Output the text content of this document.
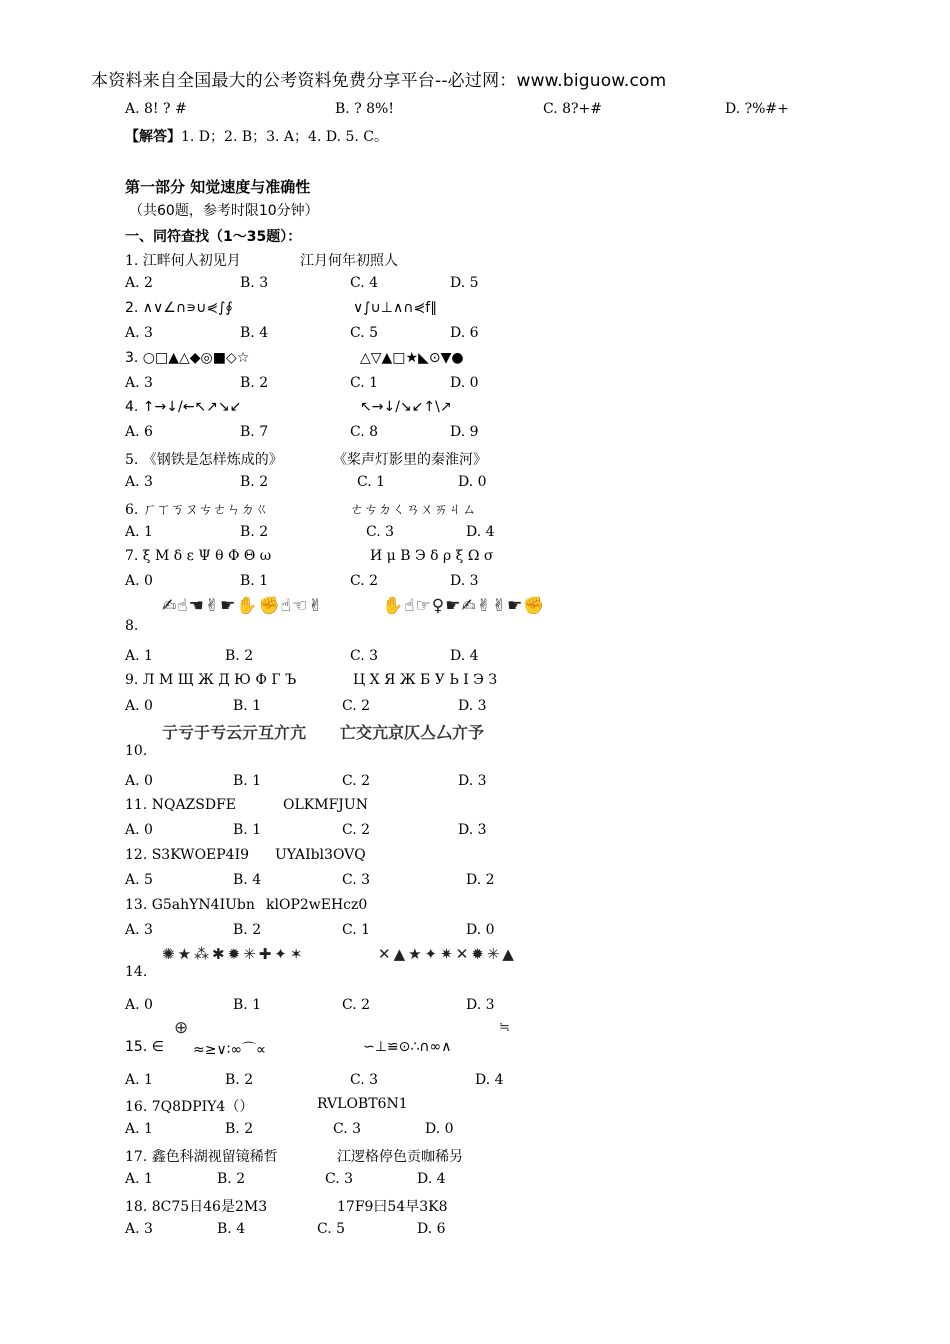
本资料来自全国最大的公考资料免费分享平台--必过网：www.biguow.com
A. 8! ? #	B. ? 8%!	C. 8?+#	D. ?%#+
【解答】1. D；2. B；3. A；4. D. 5. C。
第一部分 知觉速度与准确性
（共60题，参考时限10分钟）
一、同符查找（1～35题）：
1. 江畔何人初见月	江月何年初照人
A. 2	B. 3	C. 4	D. 5
2. ∧∨∠∩∍∪⋞∫∮	∨∫∪⊥∧∩⋞f∥
A. 3	B. 4	C. 5	D. 6
3. ○□▲△◆◎■◇☆	△▽▲□★◣⊙▼●
A. 3	B. 2	C. 1	D. 0
4. ↑→↓/←↖↗↘↙	↖→↓/↘↙↑\↗
A. 6	B. 7	C. 8	D. 9
5. 《钢铁是怎样炼成的》	《桨声灯影里的秦淮河》
A. 3	B. 2	C. 1	D. 0
6. ㄏㄒㄎㄡㄘㄜㄣㄉㄍ	ㄜㄘㄉㄑㄢㄨㄞㄐㄙ
A. 1	B. 2	C. 3	D. 4
7. ξ Μ δ ε Ψ θ Φ Θ ω	И μ Β Э δ ρ ξ Ω σ
A. 0	B. 1	C. 2	D. 3
✍☝☚✌☛✋✊☝☜✌	✋☝☞♀☛✍✌✌☛✊
8.
A. 1	B. 2	C. 3	D. 4
9. Л М Щ Ж Д Ю Ф Г Ъ	Ц Х Я Ж Б У Ь Ⅰ Э З
A. 0	B. 1	C. 2	D. 3
亍亏于亐云亓互亣亢 亡交亢京仄亼厶亣予
10.
A. 0	B. 1	C. 2	D. 3
11. NQAZSDFE	OLKMFJUN
A. 0	B. 1	C. 2	D. 3
12. S3KWOEP4I9 UYAIbl3OVQ
A. 5	B. 4	C. 3	D. 2
13. G5ahYN4IUbn klOP2wEHcz0
A. 3	B. 2	C. 1	D. 0
✺★⁂✱✹✳✚✦✶	✕▲★✦✷✕✹✳▲
14.
A. 0	B. 1	C. 2	D. 3
⊕	≒
15. ∈ ≈≥∨∶∞⌒∝	∽⊥≌⊙∴∩∞∧
A. 1	B. 2	C. 3	D. 4
16. 7Q8DPIY4（）	RVLOBT6N1
A. 1	B. 2	C. 3	D. 0
17. 鑫色科湖视留镜稀哲	江逻格停色贡咖稀另
A. 1	B. 2	C. 3	D. 4
18. 8C75日46是2M3	17F9曰54早3K8
A. 3	B. 4	C. 5	D. 6
